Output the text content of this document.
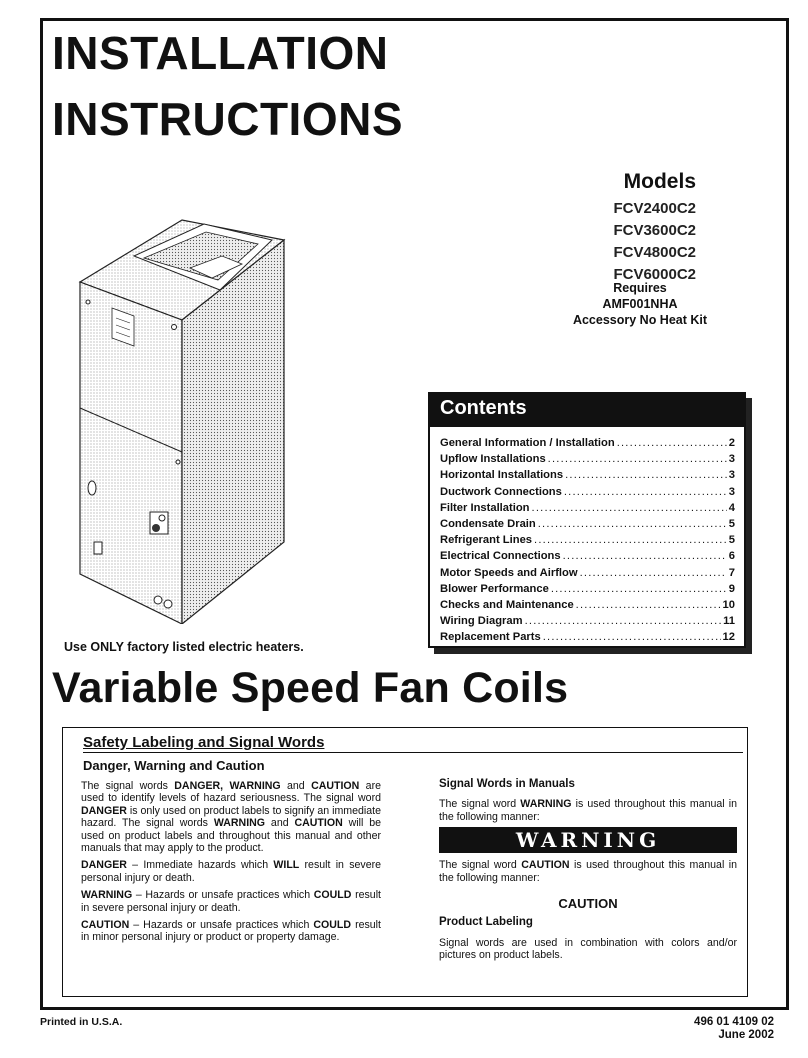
INSTALLATION
INSTRUCTIONS
Models
FCV2400C2
FCV3600C2
FCV4800C2
FCV6000C2
Requires
AMF001NHA
Accessory No Heat Kit
Contents
General Information / Installation .....	2
Upflow Installations .....	3
Horizontal Installations .....	3
Ductwork Connections .....	3
Filter Installation .....	4
Condensate Drain .....	5
Refrigerant Lines .....	5
Electrical Connections .....	6
Motor Speeds and Airflow .....	7
Blower Performance .....	9
Checks and Maintenance .....	10
Wiring Diagram .....	11
Replacement Parts .....	12
Use ONLY factory listed electric heaters.
Variable Speed Fan Coils
Safety Labeling and Signal Words
Danger, Warning and Caution

The signal words DANGER, WARNING and CAUTION are used to identify levels of hazard seriousness. The signal word DANGER is only used on product labels to signify an immediate hazard. The signal words WARNING and CAUTION will be used on product labels and throughout this manual and other manuals that may apply to the product.

DANGER – Immediate hazards which WILL result in severe personal injury or death.

WARNING – Hazards or unsafe practices which COULD result in severe personal injury or death.

CAUTION – Hazards or unsafe practices which COULD result in minor personal injury or product or property damage.

Signal Words in Manuals

The signal word WARNING is used throughout this manual in the following manner:

WARNING

The signal word CAUTION is used throughout this manual in the following manner:

CAUTION

Product Labeling

Signal words are used in combination with colors and/or pictures on product labels.

Printed in U.S.A.	496 01 4109 02
June 2002
